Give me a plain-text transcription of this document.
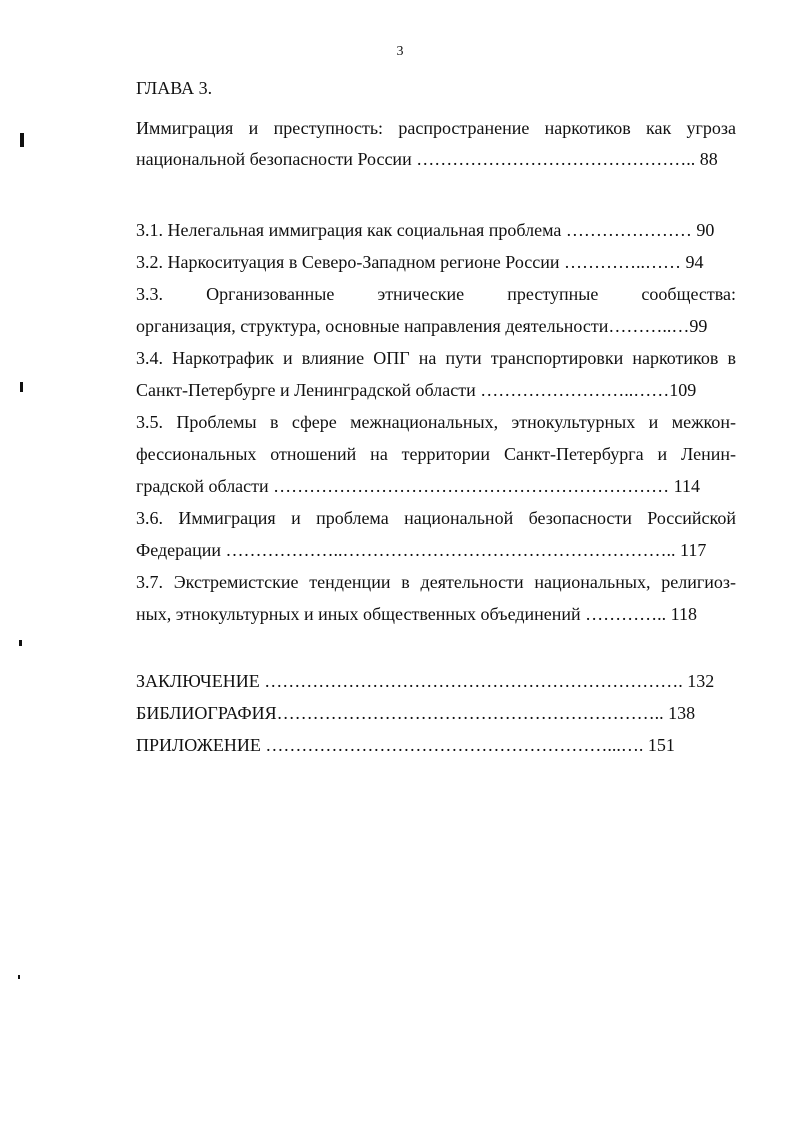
3
ГЛАВА 3.
Иммиграция и преступность: распространение наркотиков как угроза
национальной безопасности России ……………………………………….. 88
3.1. Нелегальная иммиграция как социальная проблема ………………… 90
3.2. Наркоситуация в Северо-Западном регионе России …………..…… 94
3.3. Организованные этнические преступные сообщества:
организация, структура, основные направления деятельности………..…99
3.4. Наркотрафик и влияние ОПГ на пути транспортировки наркотиков в
Санкт-Петербурге и Ленинградской области ……………………..……109
3.5. Проблемы в сфере межнациональных, этнокультурных и межкон-
фессиональных отношений на территории Санкт-Петербурга и Ленин-
градской области ………………………………………………………… 114
3.6. Иммиграция и проблема национальной безопасности Российской
Федерации ………………..……………………………………………….. 117
3.7. Экстремистские тенденции в деятельности национальных, религиоз-
ных, этнокультурных и иных общественных объединений ………….. 118
ЗАКЛЮЧЕНИЕ ……………………………………………………………. 132
БИБЛИОГРАФИЯ……………………………………………………….. 138
ПРИЛОЖЕНИЕ …………………………………………………...…. 151
